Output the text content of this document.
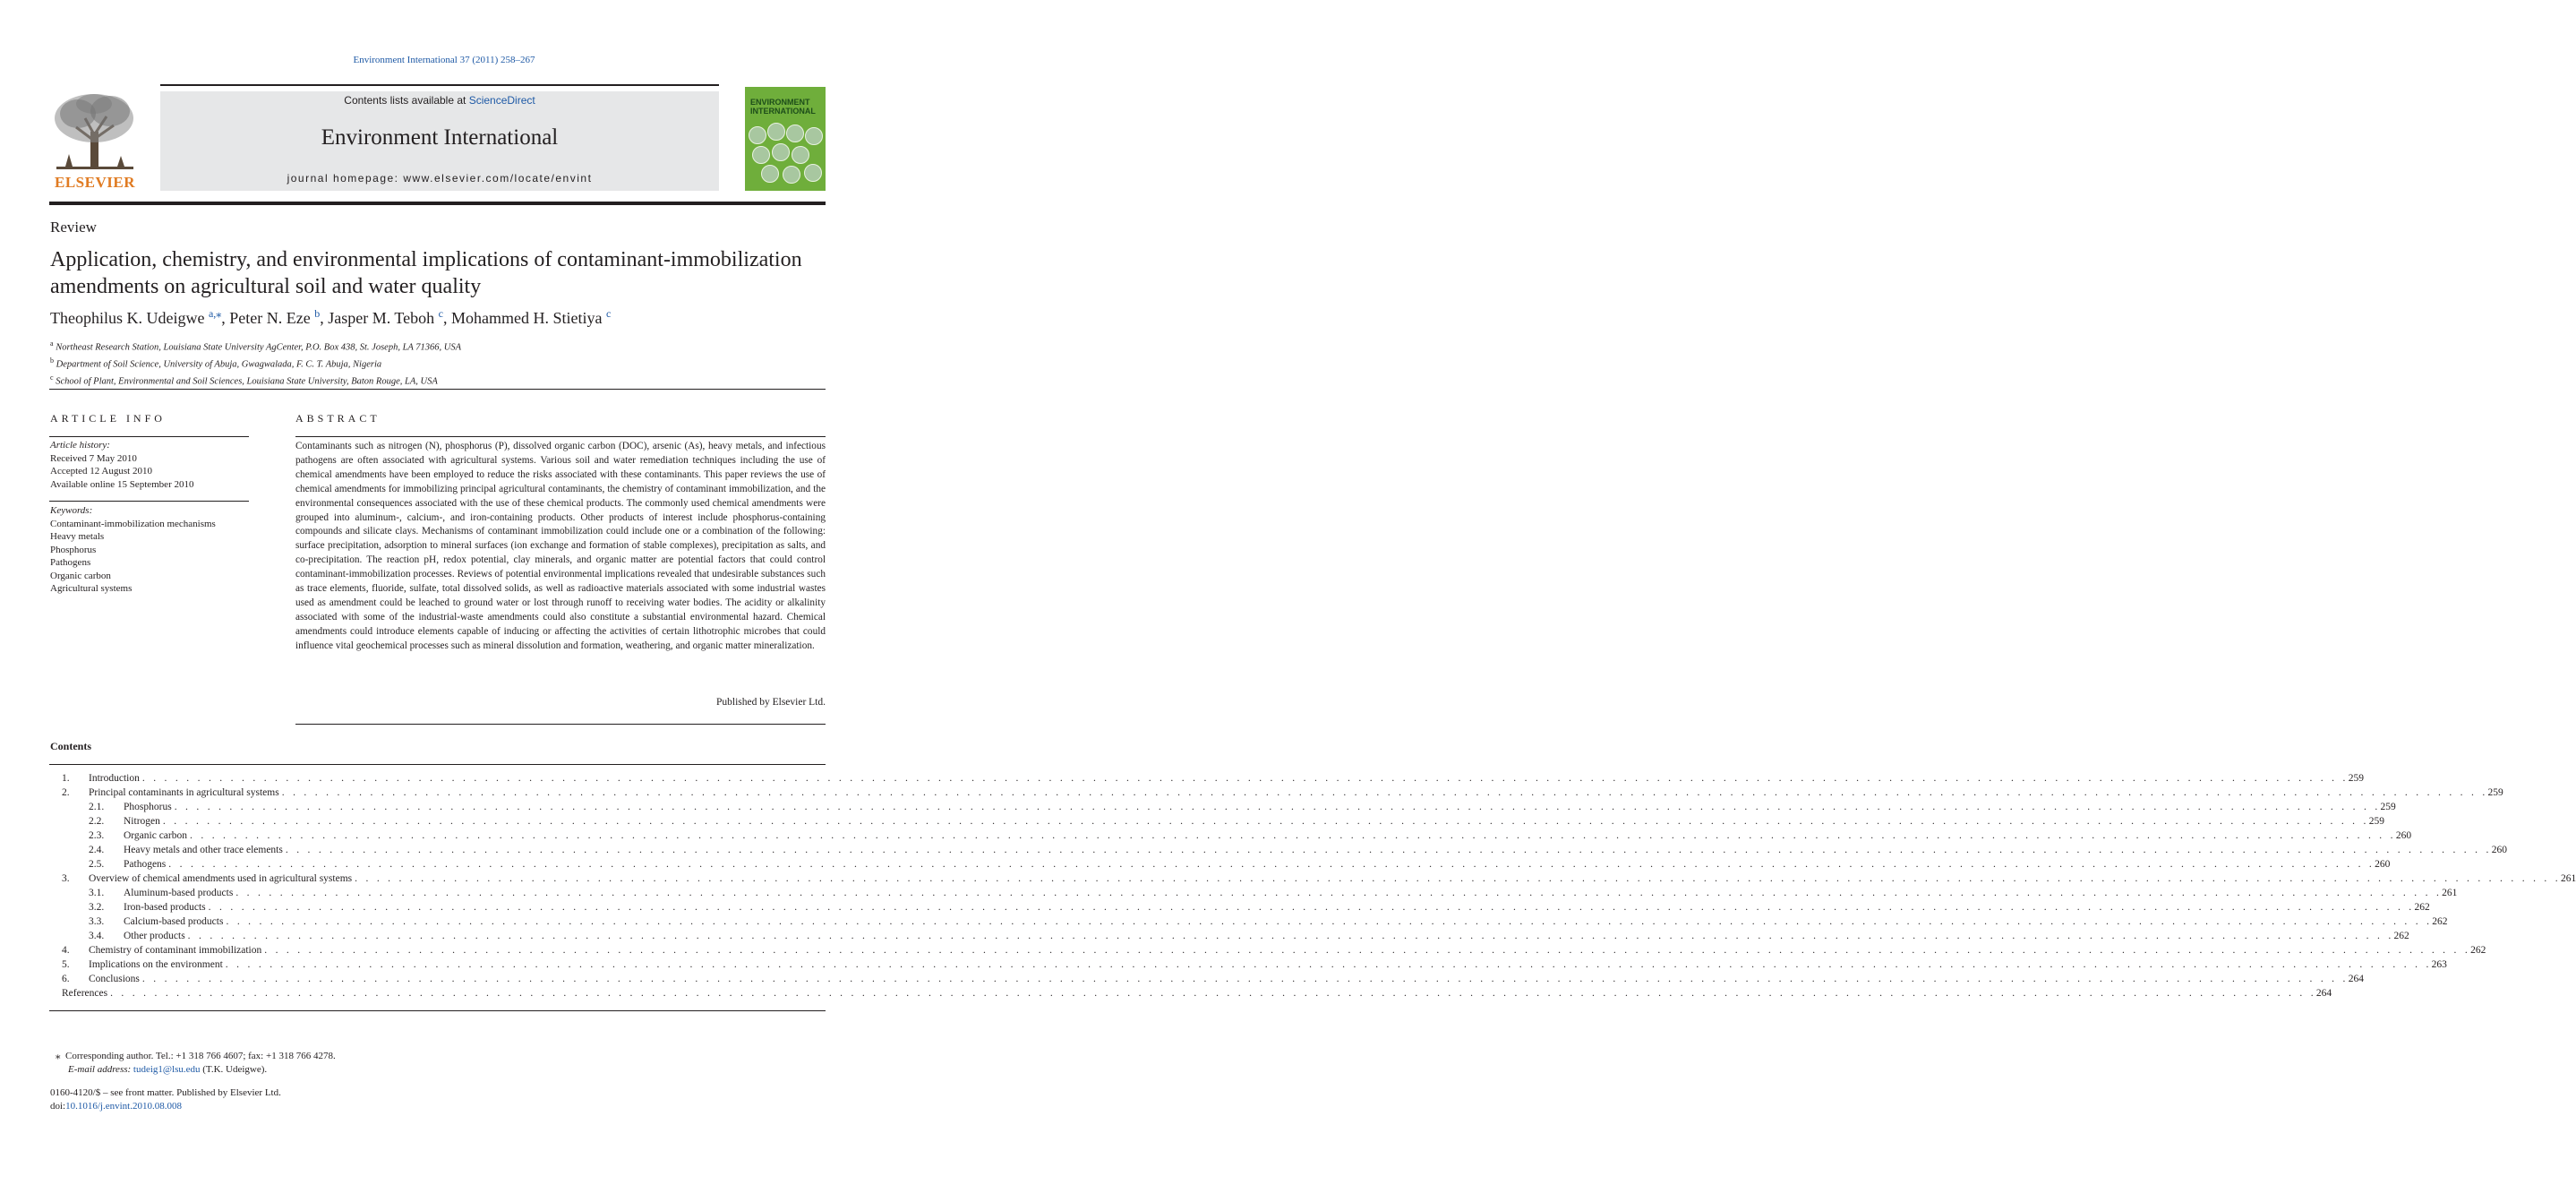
Environment International 37 (2011) 258–267
ELSEVIER
Contents lists available at ScienceDirect
Environment International
journal homepage: www.elsevier.com/locate/envint
ENVIRONMENT INTERNATIONAL
Review
Application, chemistry, and environmental implications of contaminant-immobilization amendments on agricultural soil and water quality
Theophilus K. Udeigwe $^{a,⁎}$, Peter N. Eze $^b$, Jasper M. Teboh $^c$, Mohammed H. Stietiya $^c$
$^a$ Northeast Research Station, Louisiana State University AgCenter, P.O. Box 438, St. Joseph, LA 71366, USA
$^b$ Department of Soil Science, University of Abuja, Gwagwalada, F. C. T. Abuja, Nigeria
$^c$ School of Plant, Environmental and Soil Sciences, Louisiana State University, Baton Rouge, LA, USA
ARTICLE INFO
Article history:
Received 7 May 2010
Accepted 12 August 2010
Available online 15 September 2010
Keywords:
Contaminant-immobilization mechanisms
Heavy metals
Phosphorus
Pathogens
Organic carbon
Agricultural systems
ABSTRACT
Contaminants such as nitrogen (N), phosphorus (P), dissolved organic carbon (DOC), arsenic (As), heavy metals, and infectious pathogens are often associated with agricultural systems. Various soil and water remediation techniques including the use of chemical amendments have been employed to reduce the risks associated with these contaminants. This paper reviews the use of chemical amendments for immobilizing principal agricultural contaminants, the chemistry of contaminant immobilization, and the environmental consequences associated with the use of these chemical products. The commonly used chemical amendments were grouped into aluminum-, calcium-, and iron-containing products. Other products of interest include phosphorus-containing compounds and silicate clays. Mechanisms of contaminant immobilization could include one or a combination of the following: surface precipitation, adsorption to mineral surfaces (ion exchange and formation of stable complexes), precipitation as salts, and co-precipitation. The reaction pH, redox potential, clay minerals, and organic matter are potential factors that could control contaminant-immobilization processes. Reviews of potential environmental implications revealed that undesirable substances such as trace elements, fluoride, sulfate, total dissolved solids, as well as radioactive materials associated with some industrial wastes used as amendment could be leached to ground water or lost through runoff to receiving water bodies. The acidity or alkalinity associated with some of the industrial-waste amendments could also constitute a substantial environmental hazard. Chemical amendments could introduce elements capable of inducing or affecting the activities of certain lithotrophic microbes that could influence vital geochemical processes such as mineral dissolution and formation, weathering, and organic matter mineralization.
Published by Elsevier Ltd.
Contents
1. Introduction . . . . . . . . . . . . . . . . . . . . . . . . . . . . . . . . . . . . . . . . . . . . . . . . . . . . . . . . . . . . . . . . . . . . . . . . . . . . . . . . . . . . . . . . . . . . . . . . . . . . . . . . . . . . . . . . . . . . . . . . . . . . . . . . . . . . . . . . . . . . . . . . . . . . . . . . . . . . . . . . . . . . . . . . . . . . . . . . . . . . . . . . . . . . . . . . . . . . . . . . 259
2. Principal contaminants in agricultural systems . . . . . . . . . . . . . . . . . . . . . . . . . . . . . . . . . . . . . . . . . . . . . . . . . . . . . . . . . . . . . . . . . . . . . . . . . . . . . . . . . . . . . . . . . . . . . . . . . . . . . . . . . . . . . . . . . . . . . . . . . . . . . . . . . . . . . . . . . . . . . . . . . . . . . . . . . . . . . . . . . . . . . . . . . . . . . . . . . . . . . . . . . . . . . . . . . . . . . . . . 259
2.1. Phosphorus . . . . . . . . . . . . . . . . . . . . . . . . . . . . . . . . . . . . . . . . . . . . . . . . . . . . . . . . . . . . . . . . . . . . . . . . . . . . . . . . . . . . . . . . . . . . . . . . . . . . . . . . . . . . . . . . . . . . . . . . . . . . . . . . . . . . . . . . . . . . . . . . . . . . . . . . . . . . . . . . . . . . . . . . . . . . . . . . . . . . . . . . . . . . . . . . . . . . . . . . 259
2.2. Nitrogen . . . . . . . . . . . . . . . . . . . . . . . . . . . . . . . . . . . . . . . . . . . . . . . . . . . . . . . . . . . . . . . . . . . . . . . . . . . . . . . . . . . . . . . . . . . . . . . . . . . . . . . . . . . . . . . . . . . . . . . . . . . . . . . . . . . . . . . . . . . . . . . . . . . . . . . . . . . . . . . . . . . . . . . . . . . . . . . . . . . . . . . . . . . . . . . . . . . . . . . . 259
2.3. Organic carbon . . . . . . . . . . . . . . . . . . . . . . . . . . . . . . . . . . . . . . . . . . . . . . . . . . . . . . . . . . . . . . . . . . . . . . . . . . . . . . . . . . . . . . . . . . . . . . . . . . . . . . . . . . . . . . . . . . . . . . . . . . . . . . . . . . . . . . . . . . . . . . . . . . . . . . . . . . . . . . . . . . . . . . . . . . . . . . . . . . . . . . . . . . . . . . . . . . . . . . . . 260
2.4. Heavy metals and other trace elements . . . . . . . . . . . . . . . . . . . . . . . . . . . . . . . . . . . . . . . . . . . . . . . . . . . . . . . . . . . . . . . . . . . . . . . . . . . . . . . . . . . . . . . . . . . . . . . . . . . . . . . . . . . . . . . . . . . . . . . . . . . . . . . . . . . . . . . . . . . . . . . . . . . . . . . . . . . . . . . . . . . . . . . . . . . . . . . . . . . . . . . . . . . . . . . . . . . . . . . . 260
2.5. Pathogens . . . . . . . . . . . . . . . . . . . . . . . . . . . . . . . . . . . . . . . . . . . . . . . . . . . . . . . . . . . . . . . . . . . . . . . . . . . . . . . . . . . . . . . . . . . . . . . . . . . . . . . . . . . . . . . . . . . . . . . . . . . . . . . . . . . . . . . . . . . . . . . . . . . . . . . . . . . . . . . . . . . . . . . . . . . . . . . . . . . . . . . . . . . . . . . . . . . . . . . . 260
3. Overview of chemical amendments used in agricultural systems . . . . . . . . . . . . . . . . . . . . . . . . . . . . . . . . . . . . . . . . . . . . . . . . . . . . . . . . . . . . . . . . . . . . . . . . . . . . . . . . . . . . . . . . . . . . . . . . . . . . . . . . . . . . . . . . . . . . . . . . . . . . . . . . . . . . . . . . . . . . . . . . . . . . . . . . . . . . . . . . . . . . . . . . . . . . . . . . . . . . . . . . . . . . . . . . . . . . . . . . 261
3.1. Aluminum-based products . . . . . . . . . . . . . . . . . . . . . . . . . . . . . . . . . . . . . . . . . . . . . . . . . . . . . . . . . . . . . . . . . . . . . . . . . . . . . . . . . . . . . . . . . . . . . . . . . . . . . . . . . . . . . . . . . . . . . . . . . . . . . . . . . . . . . . . . . . . . . . . . . . . . . . . . . . . . . . . . . . . . . . . . . . . . . . . . . . . . . . . . . . . . . . . . . . . . . . . . 261
3.2. Iron-based products . . . . . . . . . . . . . . . . . . . . . . . . . . . . . . . . . . . . . . . . . . . . . . . . . . . . . . . . . . . . . . . . . . . . . . . . . . . . . . . . . . . . . . . . . . . . . . . . . . . . . . . . . . . . . . . . . . . . . . . . . . . . . . . . . . . . . . . . . . . . . . . . . . . . . . . . . . . . . . . . . . . . . . . . . . . . . . . . . . . . . . . . . . . . . . . . . . . . . . . . 262
3.3. Calcium-based products . . . . . . . . . . . . . . . . . . . . . . . . . . . . . . . . . . . . . . . . . . . . . . . . . . . . . . . . . . . . . . . . . . . . . . . . . . . . . . . . . . . . . . . . . . . . . . . . . . . . . . . . . . . . . . . . . . . . . . . . . . . . . . . . . . . . . . . . . . . . . . . . . . . . . . . . . . . . . . . . . . . . . . . . . . . . . . . . . . . . . . . . . . . . . . . . . . . . . . . . 262
3.4. Other products . . . . . . . . . . . . . . . . . . . . . . . . . . . . . . . . . . . . . . . . . . . . . . . . . . . . . . . . . . . . . . . . . . . . . . . . . . . . . . . . . . . . . . . . . . . . . . . . . . . . . . . . . . . . . . . . . . . . . . . . . . . . . . . . . . . . . . . . . . . . . . . . . . . . . . . . . . . . . . . . . . . . . . . . . . . . . . . . . . . . . . . . . . . . . . . . . . . . . . . . 262
4. Chemistry of contaminant immobilization . . . . . . . . . . . . . . . . . . . . . . . . . . . . . . . . . . . . . . . . . . . . . . . . . . . . . . . . . . . . . . . . . . . . . . . . . . . . . . . . . . . . . . . . . . . . . . . . . . . . . . . . . . . . . . . . . . . . . . . . . . . . . . . . . . . . . . . . . . . . . . . . . . . . . . . . . . . . . . . . . . . . . . . . . . . . . . . . . . . . . . . . . . . . . . . . . . . . . . . . 262
5. Implications on the environment . . . . . . . . . . . . . . . . . . . . . . . . . . . . . . . . . . . . . . . . . . . . . . . . . . . . . . . . . . . . . . . . . . . . . . . . . . . . . . . . . . . . . . . . . . . . . . . . . . . . . . . . . . . . . . . . . . . . . . . . . . . . . . . . . . . . . . . . . . . . . . . . . . . . . . . . . . . . . . . . . . . . . . . . . . . . . . . . . . . . . . . . . . . . . . . . . . . . . . . . 263
6. Conclusions . . . . . . . . . . . . . . . . . . . . . . . . . . . . . . . . . . . . . . . . . . . . . . . . . . . . . . . . . . . . . . . . . . . . . . . . . . . . . . . . . . . . . . . . . . . . . . . . . . . . . . . . . . . . . . . . . . . . . . . . . . . . . . . . . . . . . . . . . . . . . . . . . . . . . . . . . . . . . . . . . . . . . . . . . . . . . . . . . . . . . . . . . . . . . . . . . . . . . . . . 264
References . . . . . . . . . . . . . . . . . . . . . . . . . . . . . . . . . . . . . . . . . . . . . . . . . . . . . . . . . . . . . . . . . . . . . . . . . . . . . . . . . . . . . . . . . . . . . . . . . . . . . . . . . . . . . . . . . . . . . . . . . . . . . . . . . . . . . . . . . . . . . . . . . . . . . . . . . . . . . . . . . . . . . . . . . . . . . . . . . . . . . . . . . . . . . . . . . . . . . . . . 264
⁎ Corresponding author. Tel.: +1 318 766 4607; fax: +1 318 766 4278.
E-mail address: tudeig1@lsu.edu (T.K. Udeigwe).
0160-4120/$ – see front matter. Published by Elsevier Ltd.
doi:10.1016/j.envint.2010.08.008
